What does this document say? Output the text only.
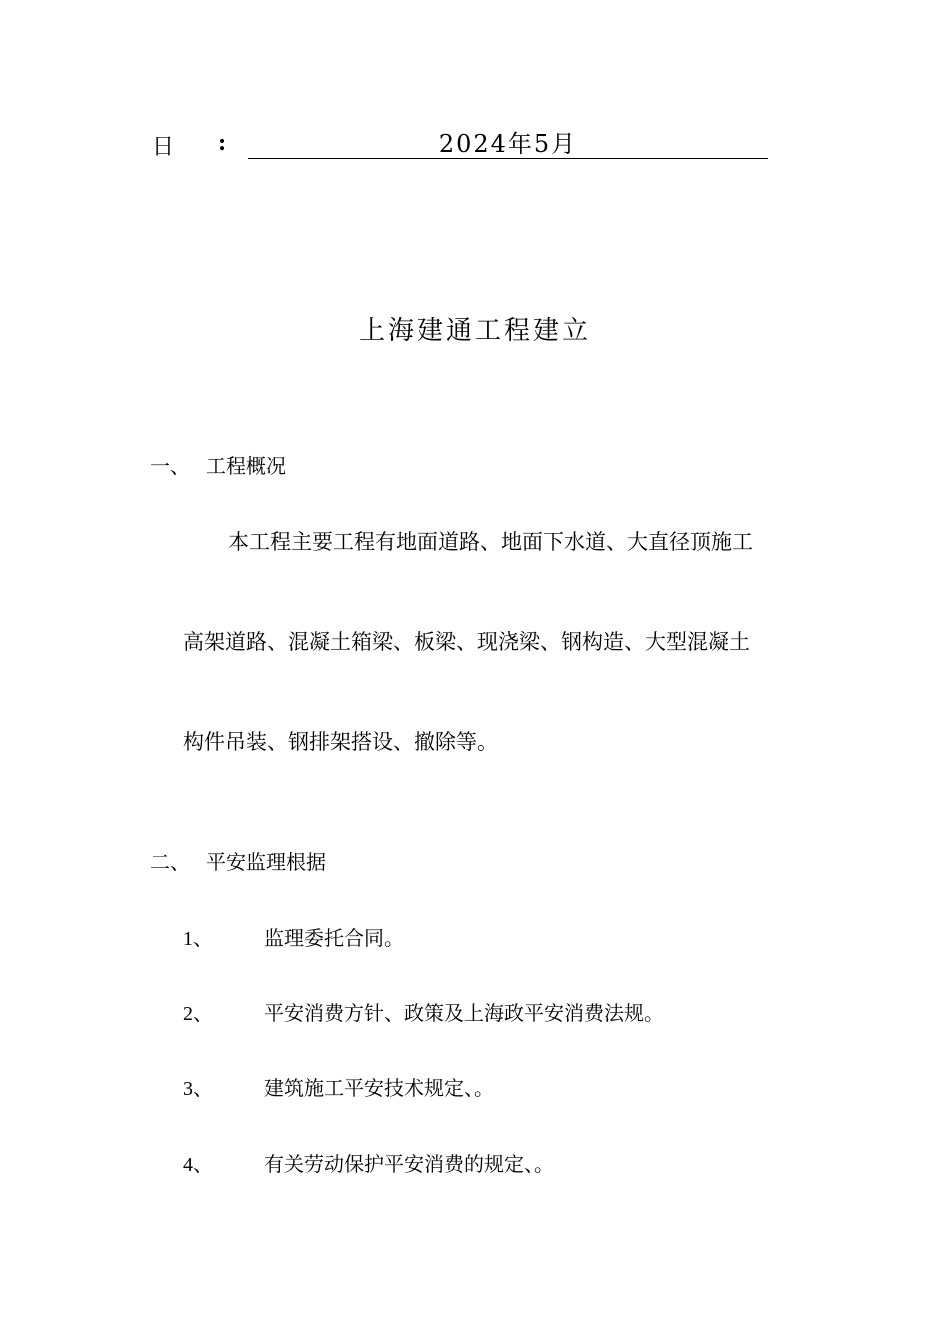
日 :	2024年5月
上海建通工程建立
一、 工程概况
本工程主要工程有地面道路、地面下水道、大直径顶施工
高架道路、混凝土箱梁、板梁、现浇梁、钢构造、大型混凝土
构件吊装、钢排架搭设、撤除等。
二、 平安监理根据
1、	监理委托合同。
2、	平安消费方针、政策及上海政平安消费法规。
3、	建筑施工平安技术规定、。
4、	有关劳动保护平安消费的规定、。
